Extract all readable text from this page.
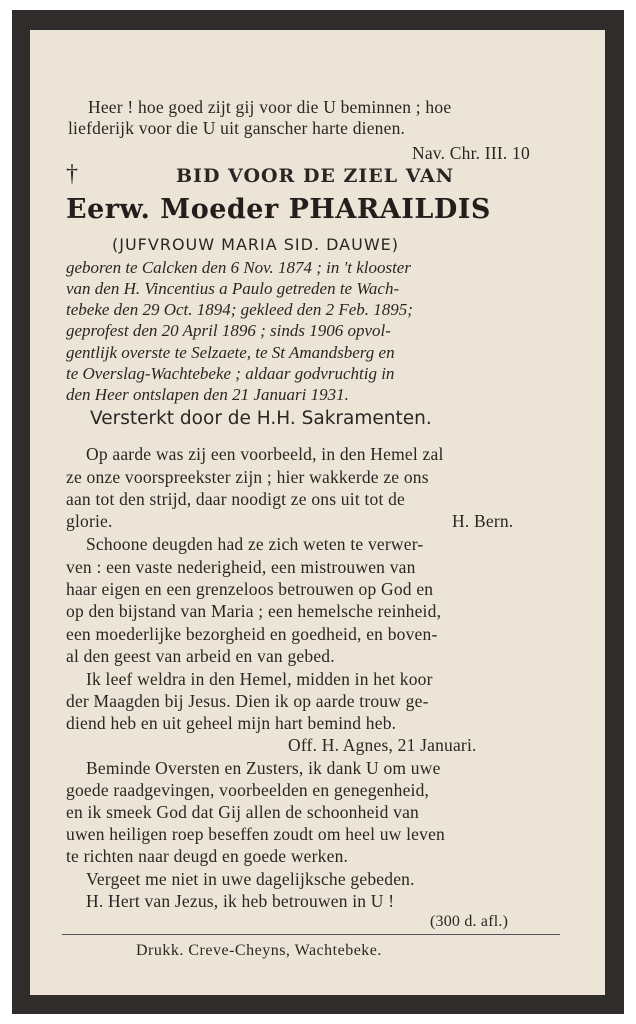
Heer ! hoe goed zijt gij voor die U beminnen ; hoe
liefderijk voor die U uit ganscher harte dienen.
Nav. Chr. III. 10
†	BID VOOR DE ZIEL VAN
Eerw. Moeder PHARAILDIS
(JUFVROUW MARIA SID. DAUWE)
geboren te Calcken den 6 Nov. 1874 ; in 't klooster
van den H. Vincentius a Paulo getreden te Wach-
tebeke den 29 Oct. 1894; gekleed den 2 Feb. 1895;
geprofest den 20 April 1896 ; sinds 1906 opvol-
gentlijk overste te Selzaete, te St Amandsberg en
te Overslag-Wachtebeke ; aldaar godvruchtig in
den Heer ontslapen den 21 Januari 1931.
Versterkt door de H.H. Sakramenten.
Op aarde was zij een voorbeeld, in den Hemel zal
ze onze voorspreekster zijn ; hier wakkerde ze ons
aan tot den strijd, daar noodigt ze ons uit tot de
glorie.	H. Bern.
Schoone deugden had ze zich weten te verwer-
ven : een vaste nederigheid, een mistrouwen van
haar eigen en een grenzeloos betrouwen op God en
op den bijstand van Maria ; een hemelsche reinheid,
een moederlijke bezorgheid en goedheid, en boven-
al den geest van arbeid en van gebed.
Ik leef weldra in den Hemel, midden in het koor
der Maagden bij Jesus. Dien ik op aarde trouw ge-
diend heb en uit geheel mijn hart bemind heb.
Off. H. Agnes, 21 Januari.
Beminde Oversten en Zusters, ik dank U om uwe
goede raadgevingen, voorbeelden en genegenheid,
en ik smeek God dat Gij allen de schoonheid van
uwen heiligen roep beseffen zoudt om heel uw leven
te richten naar deugd en goede werken.
Vergeet me niet in uwe dagelijksche gebeden.
H. Hert van Jezus, ik heb betrouwen in U !
(300 d. afl.)
Drukk. Creve-Cheyns, Wachtebeke.
